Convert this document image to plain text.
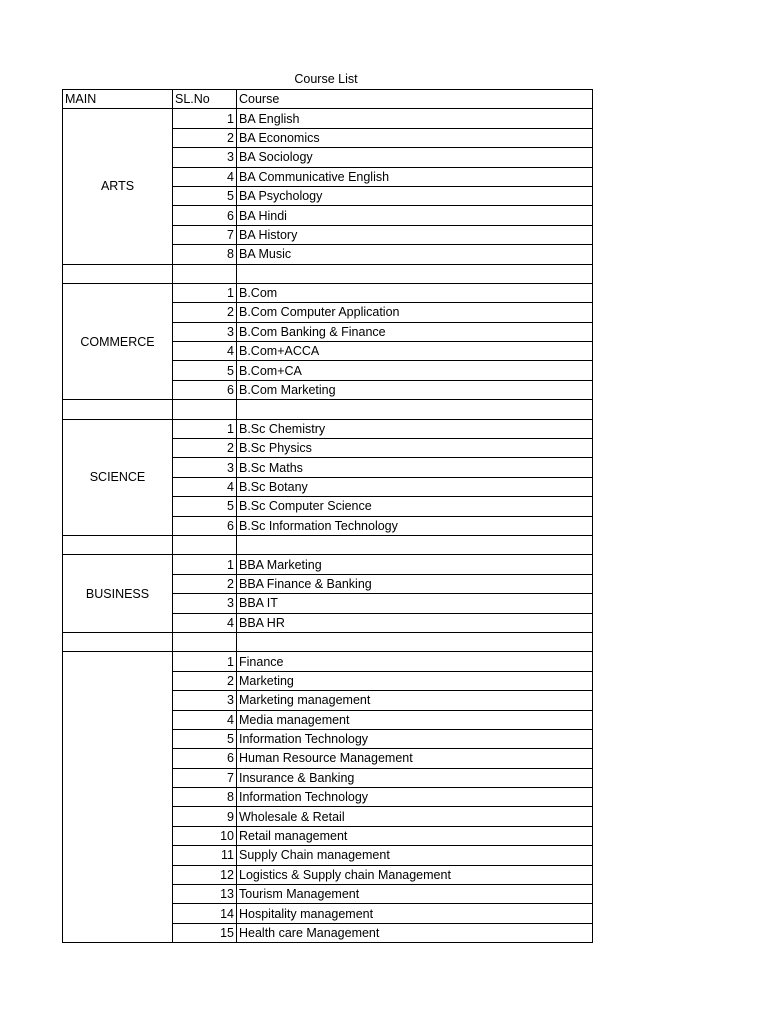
Course List
MAIN	SL.No	Course
ARTS	1	BA English
	2	BA Economics
	3	BA Sociology
	4	BA Communicative English
	5	BA Psychology
	6	BA Hindi
	7	BA History
	8	BA Music

COMMERCE	1	B.Com
	2	B.Com Computer Application
	3	B.Com Banking & Finance
	4	B.Com+ACCA
	5	B.Com+CA
	6	B.Com Marketing

SCIENCE	1	B.Sc Chemistry
	2	B.Sc Physics
	3	B.Sc Maths
	4	B.Sc Botany
	5	B.Sc Computer Science
	6	B.Sc Information Technology

BUSINESS	1	BBA Marketing
	2	BBA Finance & Banking
	3	BBA IT
	4	BBA HR

	1	Finance
	2	Marketing
	3	Marketing management
	4	Media management
	5	Information Technology
	6	Human Resource Management
	7	Insurance & Banking
	8	Information Technology
	9	Wholesale & Retail
	10	Retail management
	11	Supply Chain management
	12	Logistics & Supply chain Management
	13	Tourism Management
	14	Hospitality management
	15	Health care Management
